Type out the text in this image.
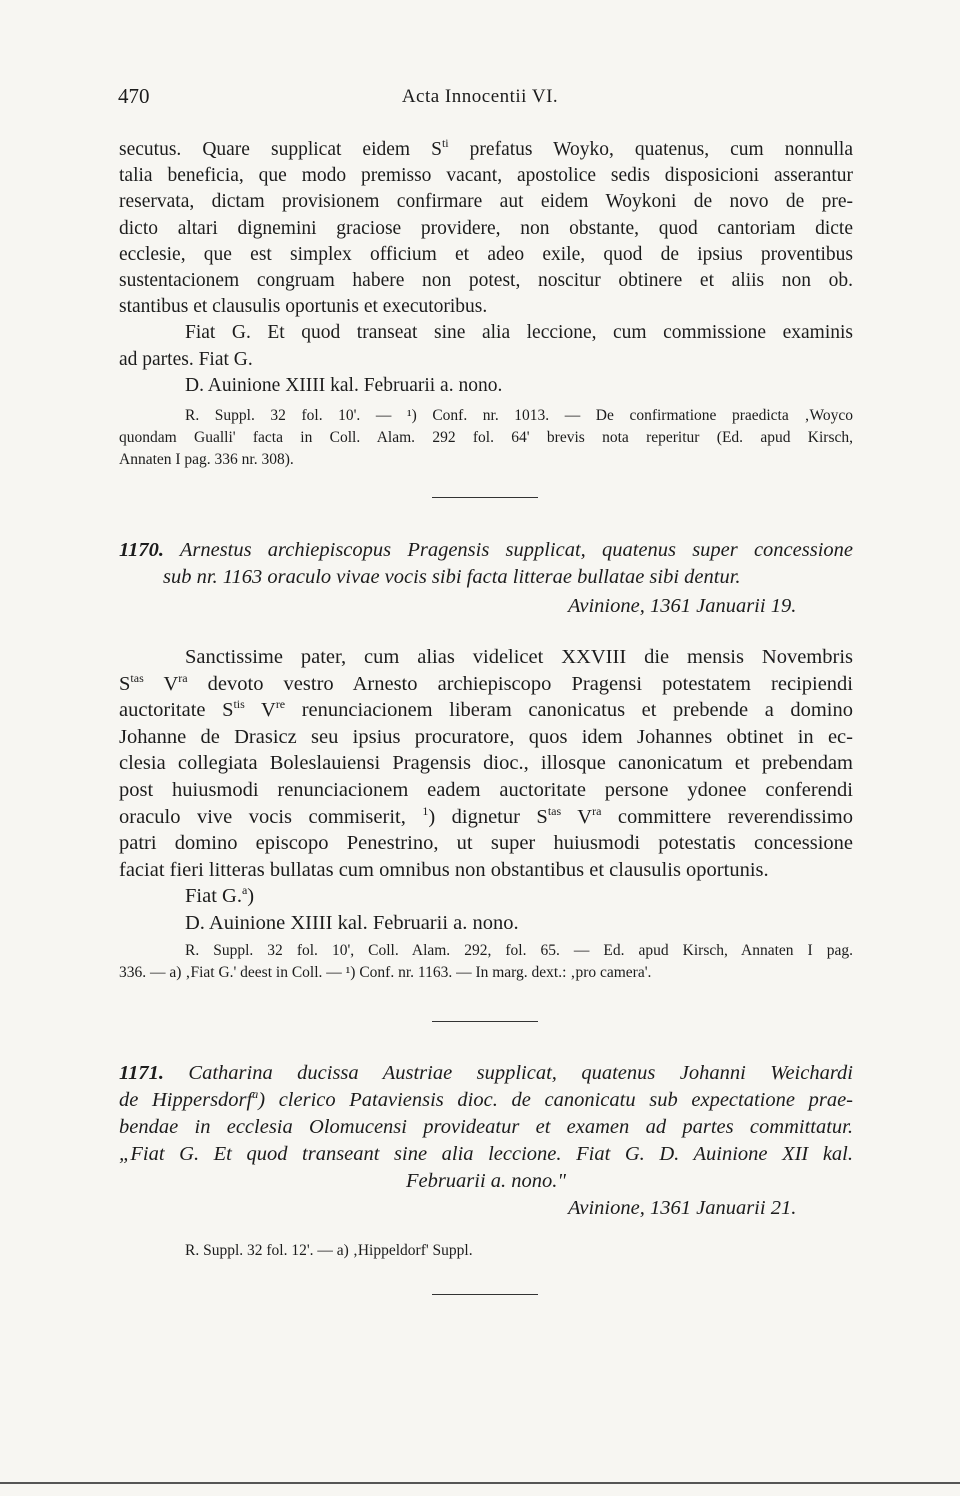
470	Acta Innocentii VI.
secutus. Quare supplicat eidem $S^{ti}$ prefatus Woyko, quatenus, cum nonnulla
talia beneficia, que modo premisso vacant, apostolice sedis disposicioni asserantur
reservata, dictam provisionem confirmare aut eidem Woykoni de novo de pre-
dicto altari dignemini graciose providere, non obstante, quod cantoriam dicte
ecclesie, que est simplex officium et adeo exile, quod de ipsius proventibus
sustentacionem congruam habere non potest, noscitur obtinere et aliis non ob.
stantibus et clausulis oportunis et executoribus.
Fiat G. Et quod transeat sine alia leccione, cum commissione examinis
ad partes. Fiat G.
D. Auinione XIIII kal. Februarii a. nono.
R. Suppl. 32 fol. 10'. — ¹) Conf. nr. 1013. — De confirmatione praedicta ‚Woyco
quondam Gualli' facta in Coll. Alam. 292 fol. 64' brevis nota reperitur (Ed. apud Kirsch,
Annaten I pag. 336 nr. 308).
1170. Arnestus archiepiscopus Pragensis supplicat, quatenus super concessione
sub nr. 1163 oraculo vivae vocis sibi facta litterae bullatae sibi dentur.
Avinione, 1361 Januarii 19.
Sanctissime pater, cum alias videlicet XXVIII die mensis Novembris
$S^{tas}$ $V^{ra}$ devoto vestro Arnesto archiepiscopo Pragensi potestatem recipiendi
auctoritate $S^{tis}$ Vre renunciacionem liberam canonicatus et prebende a domino
Johanne de Drasicz seu ipsius procuratore, quos idem Johannes obtinet in ec-
clesia collegiata Boleslauiensi Pragensis dioc., illosque canonicatum et prebendam
post huiusmodi renunciacionem eadem auctoritate persone ydonee conferendi
oraculo vive vocis commiserit, $^1$) dignetur $S^{tas}$ $V^{ra}$ committere reverendissimo
patri domino episcopo Penestrino, ut super huiusmodi potestatis concessione
faciat fieri litteras bullatas cum omnibus non obstantibus et clausulis oportunis.
Fiat G.$^a$)
D. Auinione XIIII kal. Februarii a. nono.
R. Suppl. 32 fol. 10', Coll. Alam. 292, fol. 65. — Ed. apud Kirsch, Annaten I pag.
336. — a) ‚Fiat G.' deest in Coll. — ¹) Conf. nr. 1163. — In marg. dext.: ‚pro camera'.
1171. Catharina ducissa Austriae supplicat, quatenus Johanni Weichardi
de Hippersdorf$^a$) clerico Pataviensis dioc. de canonicatu sub expectatione prae-
bendae in ecclesia Olomucensi provideatur et examen ad partes committatur.
„Fiat G. Et quod transeant sine alia leccione. Fiat G. D. Auinione XII kal.
Februarii a. nono."
Avinione, 1361 Januarii 21.
R. Suppl. 32 fol. 12'. — a) ‚Hippeldorf' Suppl.
